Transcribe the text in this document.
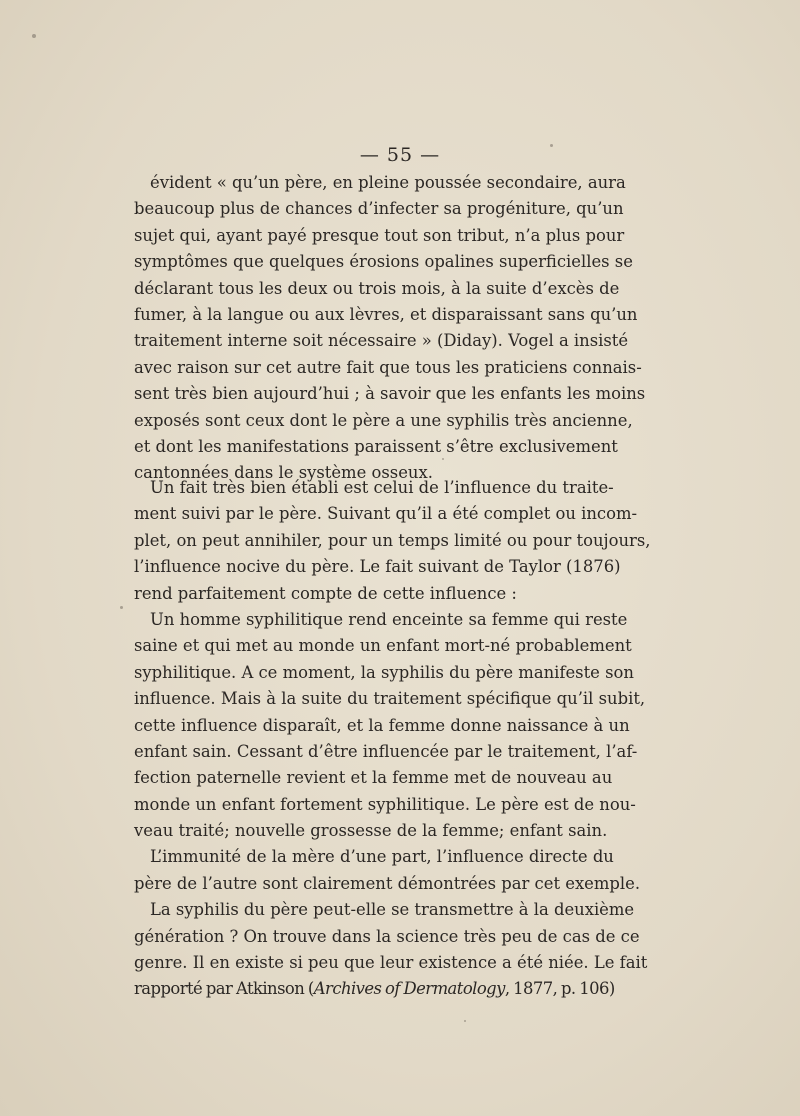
— 55 —
évident « qu’un père, en pleine poussée secondaire, aura
beaucoup plus de chances d’infecter sa progéniture, qu’un
sujet qui, ayant payé presque tout son tribut, n’a plus pour
symptômes que quelques érosions opalines superficielles se
déclarant tous les deux ou trois mois, à la suite d’excès de
fumer, à la langue ou aux lèvres, et disparaissant sans qu’un
traitement interne soit nécessaire » (Diday). Vogel a insisté
avec raison sur cet autre fait que tous les praticiens connais-
sent très bien aujourd’hui ; à savoir que les enfants les moins
exposés sont ceux dont le père a une syphilis très ancienne,
et dont les manifestations paraissent s’être exclusivement
cantonnées dans le système osseux.
Un fait très bien établi est celui de l’influence du traite-
ment suivi par le père. Suivant qu’il a été complet ou incom-
plet, on peut annihiler, pour un temps limité ou pour toujours,
l’influence nocive du père. Le fait suivant de Taylor (1876)
rend parfaitement compte de cette influence :
Un homme syphilitique rend enceinte sa femme qui reste
saine et qui met au monde un enfant mort-né probablement
syphilitique. A ce moment, la syphilis du père manifeste son
influence. Mais à la suite du traitement spécifique qu’il subit,
cette influence disparaît, et la femme donne naissance à un
enfant sain. Cessant d’être influencée par le traitement, l’af-
fection paternelle revient et la femme met de nouveau au
monde un enfant fortement syphilitique. Le père est de nou-
veau traité; nouvelle grossesse de la femme; enfant sain.
L’immunité de la mère d’une part, l’influence directe du
père de l’autre sont clairement démontrées par cet exemple.
La syphilis du père peut-elle se transmettre à la deuxième
génération ? On trouve dans la science très peu de cas de ce
genre. Il en existe si peu que leur existence a été niée. Le fait
rapporté par Atkinson (Archives of Dermatology, 1877, p. 106)
